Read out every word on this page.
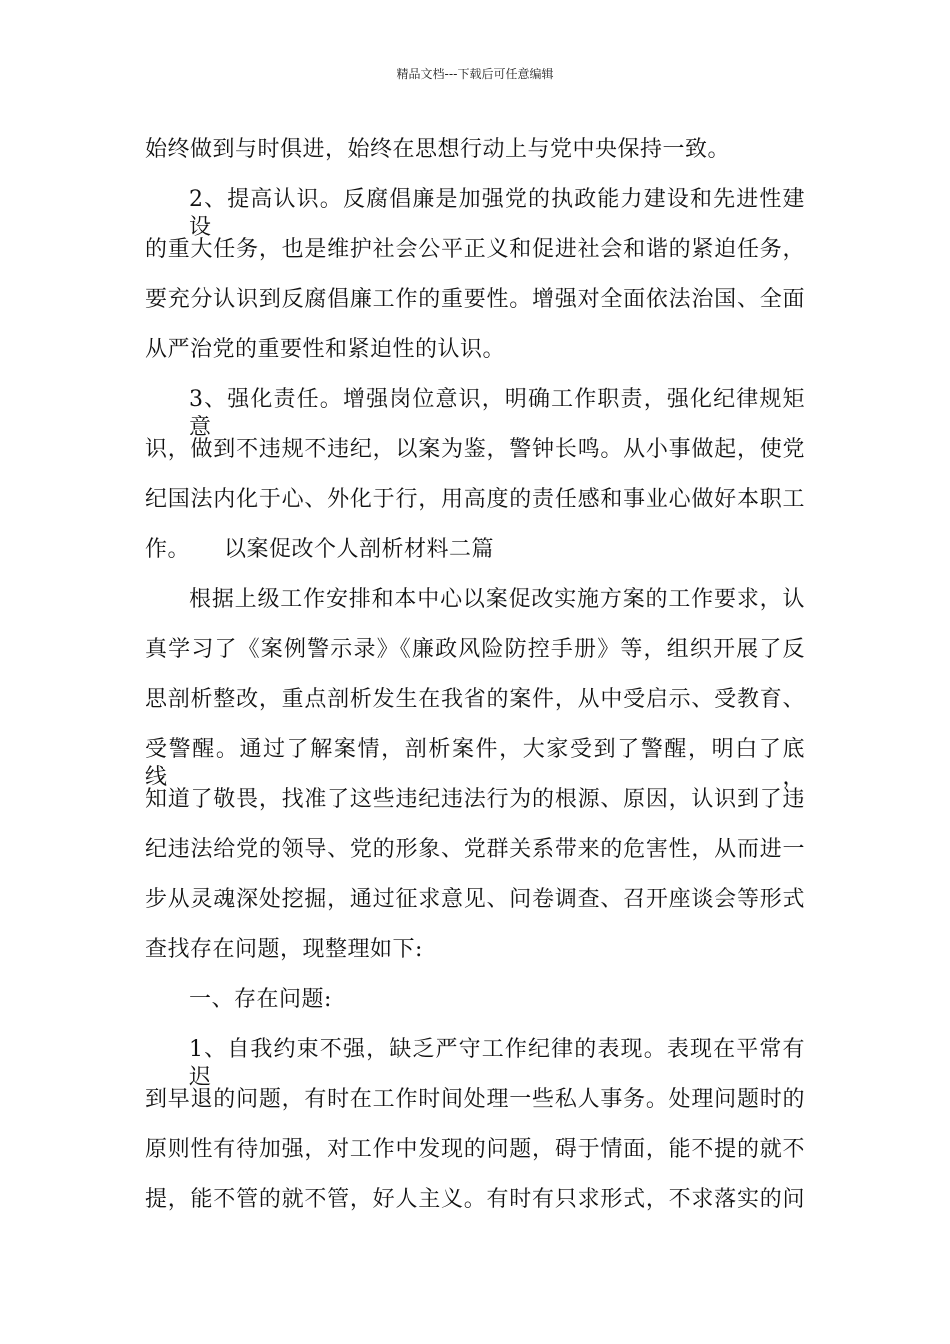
精品文档---下载后可任意编辑
始终做到与时俱进，始终在思想行动上与党中央保持一致。
2、提高认识。反腐倡廉是加强党的执政能力建设和先进性建设
的重大任务，也是维护社会公平正义和促进社会和谐的紧迫任务，
要充分认识到反腐倡廉工作的重要性。增强对全面依法治国、全面
从严治党的重要性和紧迫性的认识。
3、强化责任。增强岗位意识，明确工作职责，强化纪律规矩意
识，做到不违规不违纪，以案为鉴，警钟长鸣。从小事做起，使党
纪国法内化于心、外化于行，用高度的责任感和事业心做好本职工
作。　　以案促改个人剖析材料二篇
根据上级工作安排和本中心以案促改实施方案的工作要求，认
真学习了《案例警示录》《廉政风险防控手册》等，组织开展了反
思剖析整改，重点剖析发生在我省的案件，从中受启示、受教育、
受警醒。通过了解案情，剖析案件，大家受到了警醒，明白了底线，
知道了敬畏，找准了这些违纪违法行为的根源、原因，认识到了违
纪违法给党的领导、党的形象、党群关系带来的危害性，从而进一
步从灵魂深处挖掘，通过征求意见、问卷调查、召开座谈会等形式
查找存在问题，现整理如下:
一、存在问题:
1、自我约束不强，缺乏严守工作纪律的表现。表现在平常有迟
到早退的问题，有时在工作时间处理一些私人事务。处理问题时的
原则性有待加强，对工作中发现的问题，碍于情面，能不提的就不
提，能不管的就不管，好人主义。有时有只求形式，不求落实的问
